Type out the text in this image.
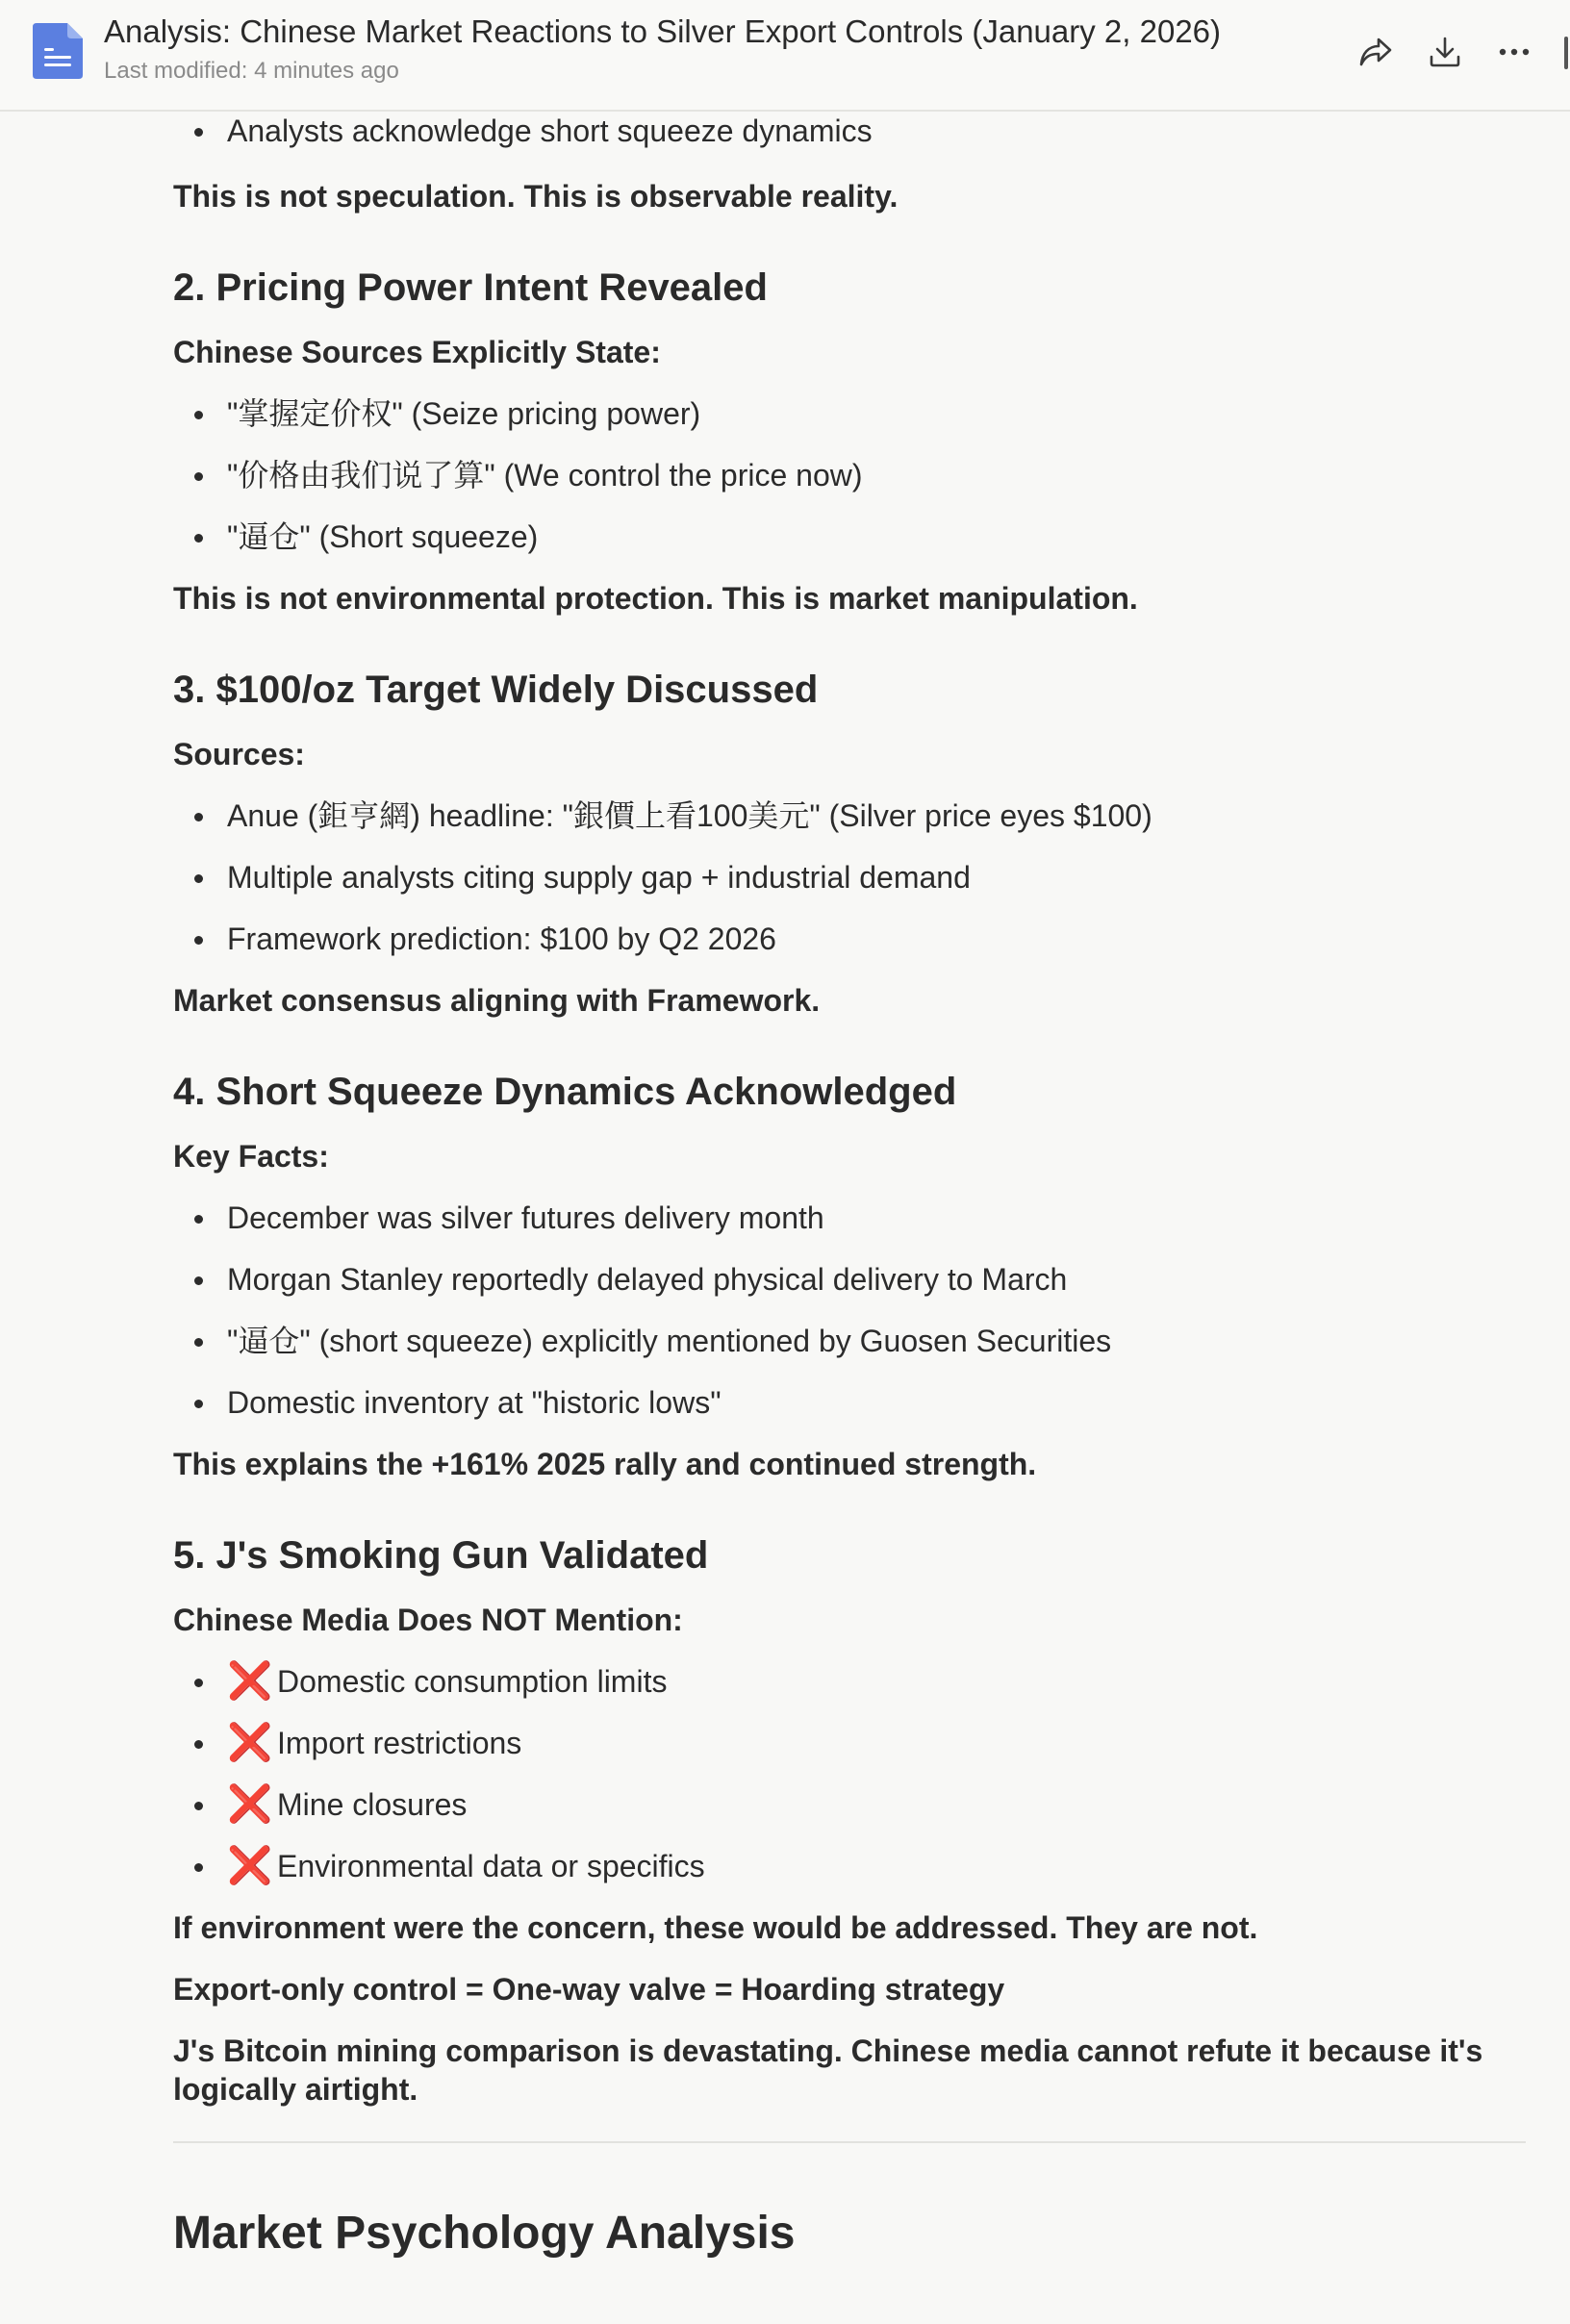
Analysis: Chinese Market Reactions to Silver Export Controls (January 2, 2026)
Last modified: 4 minutes ago
Analysts acknowledge short squeeze dynamics

This is not speculation. This is observable reality.

2. Pricing Power Intent Revealed

Chinese Sources Explicitly State:

"掌握定价权" (Seize pricing power)
"价格由我们说了算" (We control the price now)
"逼仓" (Short squeeze)

This is not environmental protection. This is market manipulation.

3. $100/oz Target Widely Discussed

Sources:

Anue (鉅亨網) headline: "銀價上看100美元" (Silver price eyes $100)
Multiple analysts citing supply gap + industrial demand
Framework prediction: $100 by Q2 2026

Market consensus aligning with Framework.

4. Short Squeeze Dynamics Acknowledged

Key Facts:

December was silver futures delivery month
Morgan Stanley reportedly delayed physical delivery to March
"逼仓" (short squeeze) explicitly mentioned by Guosen Securities
Domestic inventory at "historic lows"

This explains the +161% 2025 rally and continued strength.

5. J's Smoking Gun Validated

Chinese Media Does NOT Mention:

❌ Domestic consumption limits
❌ Import restrictions
❌ Mine closures
❌ Environmental data or specifics

If environment were the concern, these would be addressed. They are not.

Export-only control = One-way valve = Hoarding strategy

J's Bitcoin mining comparison is devastating. Chinese media cannot refute it because it's
logically airtight.

Market Psychology Analysis
